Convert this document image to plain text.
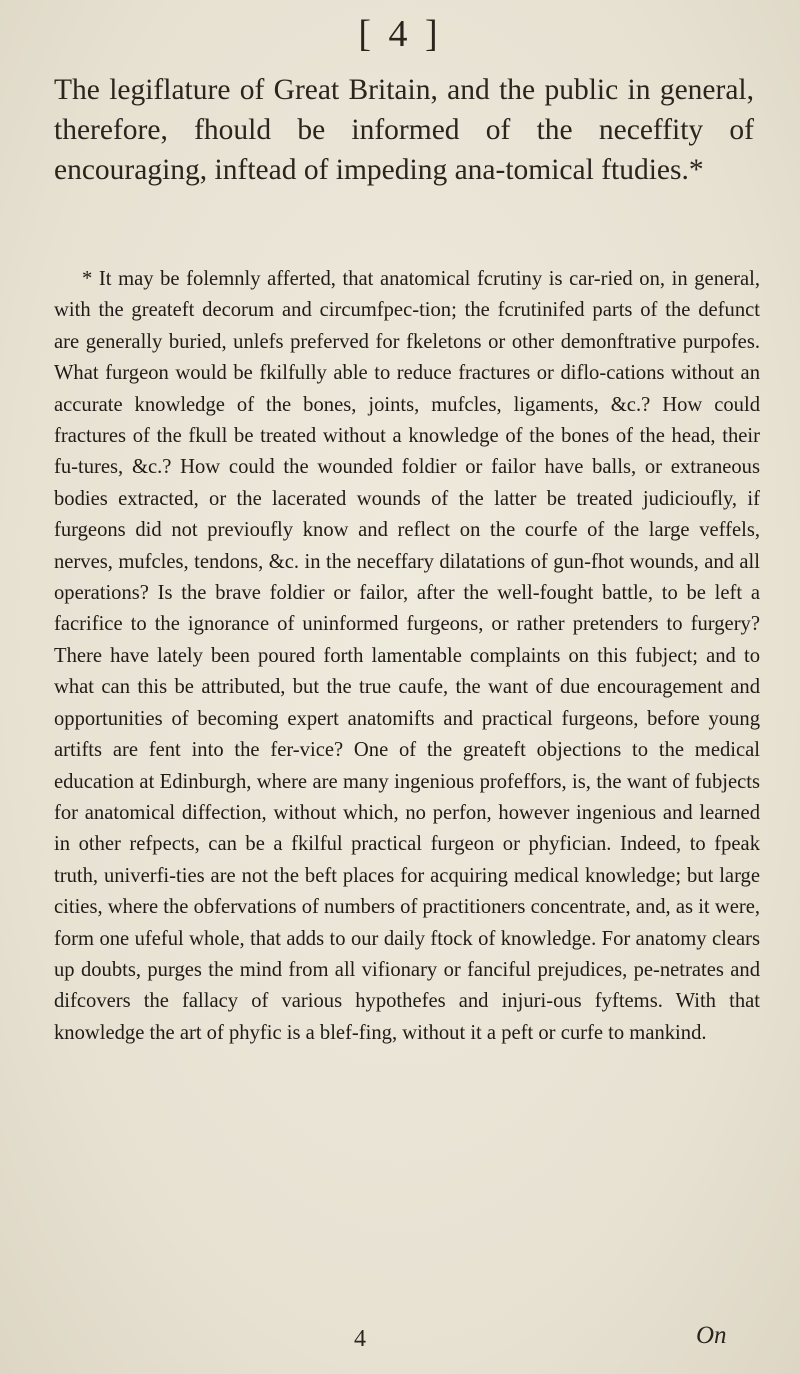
[ 4 ]

The legiflature of Great Britain, and the public in general, therefore, fhould be informed of the neceffity of encouraging, inftead of impeding ana-tomical ftudies.*

* It may be folemnly afferted, that anatomical fcrutiny is car-ried on, in general, with the greateft decorum and circumfpec-tion; the fcrutinifed parts of the defunct are generally buried, unlefs preferved for fkeletons or other demonftrative purpofes. What furgeon would be fkilfully able to reduce fractures or diflo-cations without an accurate knowledge of the bones, joints, mufcles, ligaments, &c.? How could fractures of the fkull be treated without a knowledge of the bones of the head, their fu-tures, &c.? How could the wounded foldier or failor have balls, or extraneous bodies extracted, or the lacerated wounds of the latter be treated judicioufly, if furgeons did not previoufly know and reflect on the courfe of the large veffels, nerves, mufcles, tendons, &c. in the neceffary dilatations of gun-fhot wounds, and all operations? Is the brave foldier or failor, after the well-fought battle, to be left a facrifice to the ignorance of uninformed furgeons, or rather pretenders to furgery? There have lately been poured forth lamentable complaints on this fubject; and to what can this be attributed, but the true caufe, the want of due encouragement and opportunities of becoming expert anatomifts and practical furgeons, before young artifts are fent into the fer-vice? One of the greateft objections to the medical education at Edinburgh, where are many ingenious profeffors, is, the want of fubjects for anatomical diffection, without which, no perfon, however ingenious and learned in other refpects, can be a fkilful practical furgeon or phyfician. Indeed, to fpeak truth, univerfi-ties are not the beft places for acquiring medical knowledge; but large cities, where the obfervations of numbers of practitioners concentrate, and, as it were, form one ufeful whole, that adds to our daily ftock of knowledge. For anatomy clears up doubts, purges the mind from all vifionary or fanciful prejudices, pe-netrates and difcovers the fallacy of various hypothefes and injuri-ous fyftems. With that knowledge the art of phyfic is a blef-fing, without it a peft or curfe to mankind.

4	On
